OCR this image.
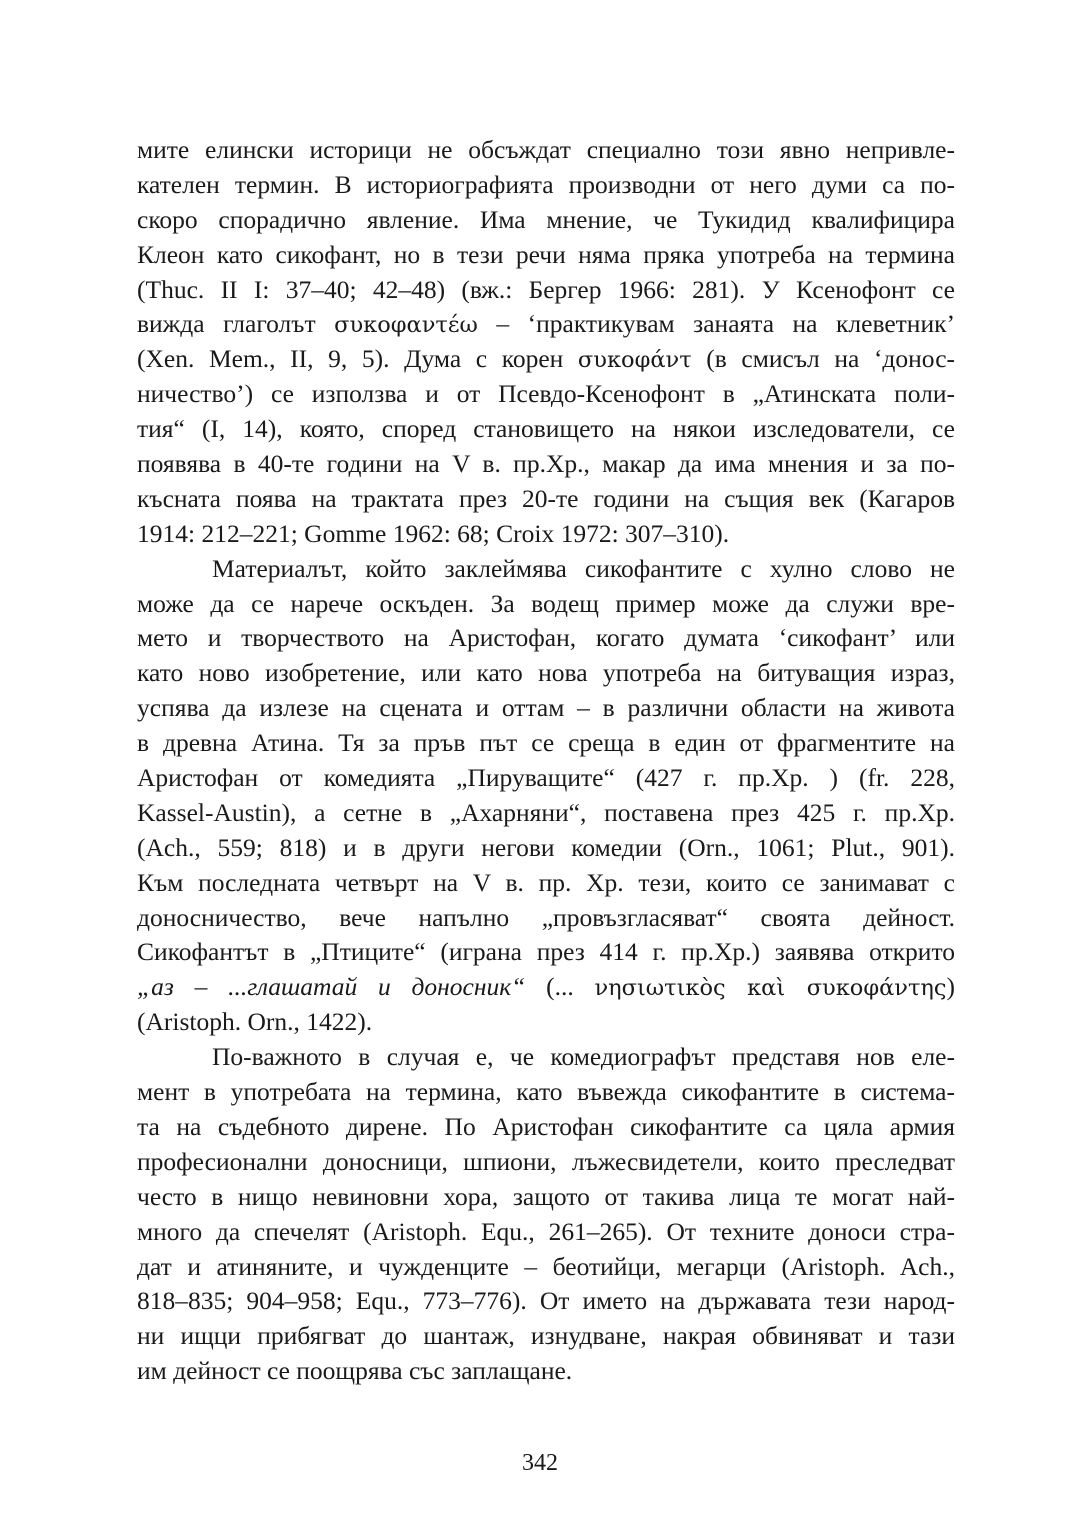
мите елински историци не обсъждат специално този явно непривле-
кателен термин. В историографията производни от него думи са по-
скоро спорадично явление. Има мнение, че Тукидид квалифицира
Клеон като сикофант, но в тези речи няма пряка употреба на термина
(Thuc. II I: 37–40; 42–48) (вж.: Бергер 1966: 281). У Ксенофонт се
вижда глаголът συκοφαντέω – ‘практикувам занаята на клеветник’
(Xen. Mem., II, 9, 5). Дума с корен συκοφάντ (в смисъл на ‘донос-
ничество’) се използва и от Псевдо-Ксенофонт в „Атинската поли-
тия“ (I, 14), която, според становището на някои изследователи, се
появява в 40-те години на V в. пр.Хр., макар да има мнения и за по-
късната поява на трактата през 20-те години на същия век (Кагаров
1914: 212–221; Gomme 1962: 68; Croix 1972: 307–310).
Материалът, който заклеймява сикофантите с хулно слово не
може да се нарече оскъден. За водещ пример може да служи вре-
мето и творчеството на Аристофан, когато думата ‘сикофант’ или
като ново изобретение, или като нова употреба на битуващия израз,
успява да излезе на сцената и оттам – в различни области на живота
в древна Атина. Тя за пръв път се среща в един от фрагментите на
Аристофан от комедията „Пируващите“ (427 г. пр.Хр. ) (fr. 228,
Kassel-Austin), а сетне в „Ахарняни“, поставена през 425 г. пр.Хр.
(Ach., 559; 818) и в други негови комедии (Orn., 1061; Plut., 901).
Към последната четвърт на V в. пр. Хр. тези, които се занимават с
доносничество, вече напълно „провъзгласяват“ своята дейност.
Сикофантът в „Птиците“ (играна през 414 г. пр.Хр.) заявява открито
„аз – ...глашатай и доносник“ (... νησιωτικὸς καὶ συκοφάντης)
(Aristoph. Orn., 1422).
По-важното в случая е, че комедиографът представя нов еле-
мент в употребата на термина, като въвежда сикофантите в система-
та на съдебното дирене. По Аристофан сикофантите са цяла армия
професионални доносници, шпиони, лъжесвидетели, които преследват
често в нищо невиновни хора, защото от такива лица те могат най-
много да спечелят (Aristoph. Equ., 261–265). От техните доноси стра-
дат и атиняните, и чужденците – беотийци, мегарци (Aristoph. Ach.,
818–835; 904–958; Equ., 773–776). От името на държавата тези народ-
ни ищци прибягват до шантаж, изнудване, накрая обвиняват и тази
им дейност се поощрява със заплащане.
342
